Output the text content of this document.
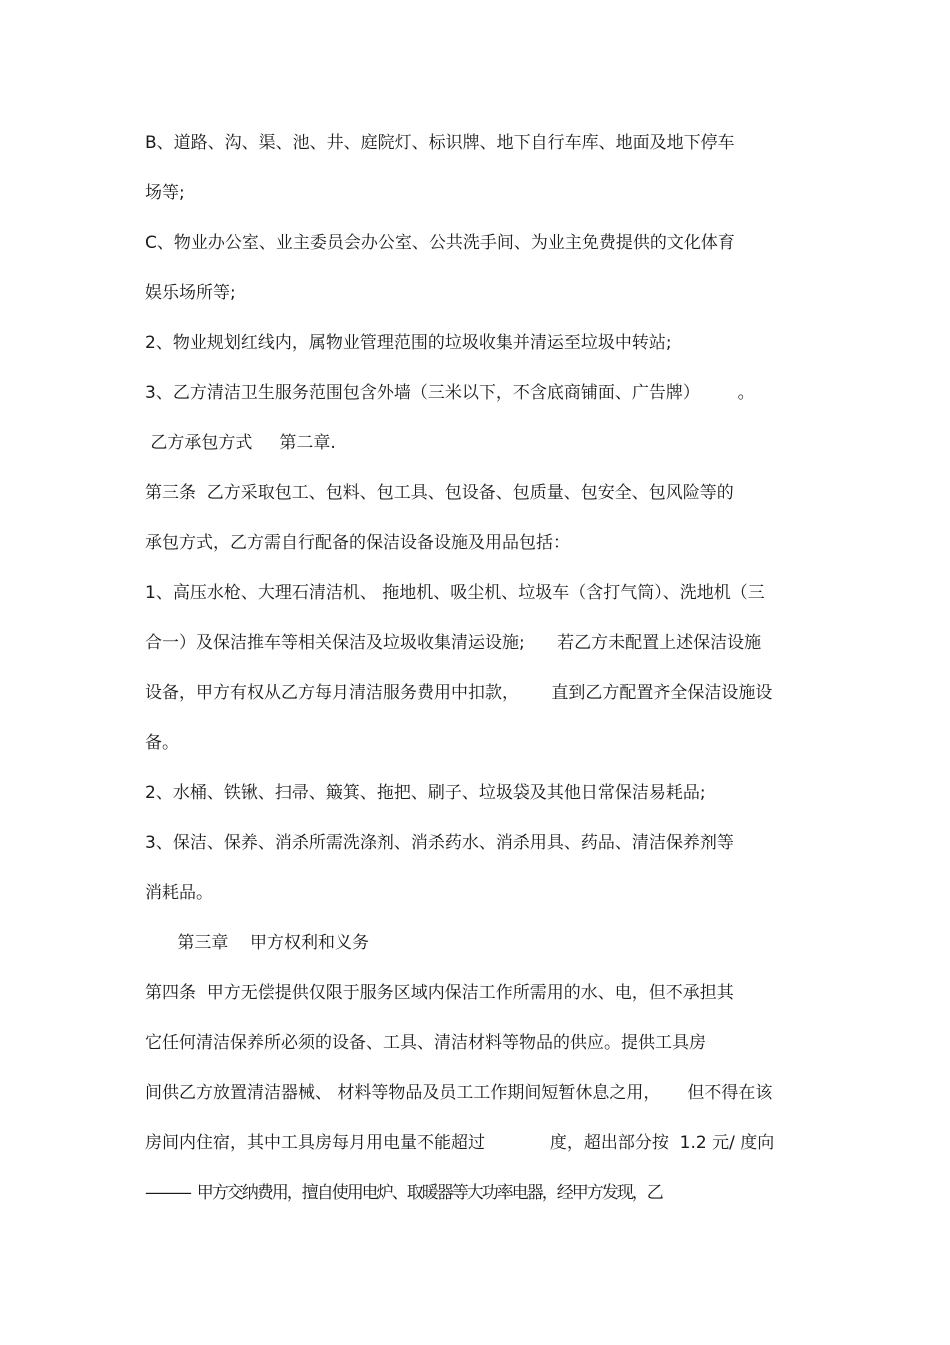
B、道路、沟、渠、池、井、庭院灯、标识牌、地下自行车库、地面及地下停车
场等;
C、物业办公室、业主委员会办公室、公共洗手间、为业主免费提供的文化体育
娱乐场所等;
2、物业规划红线内，属物业管理范围的垃圾收集并清运至垃圾中转站;
3、乙方清洁卫生服务范围包含外墙（三米以下，不含底商铺面、广告牌）       。
乙方承包方式     第二章.
第三条  乙方采取包工、包料、包工具、包设备、包质量、包安全、包风险等的
承包方式，乙方需自行配备的保洁设备设施及用品包括：
1、高压水枪、大理石清洁机、 拖地机、吸尘机、垃圾车（含打气筒）、洗地机（三
合一）及保洁推车等相关保洁及垃圾收集清运设施;      若乙方未配置上述保洁设施
设备，甲方有权从乙方每月清洁服务费用中扣款，      直到乙方配置齐全保洁设施设
备。
2、水桶、铁锹、扫帚、簸箕、拖把、刷子、垃圾袋及其他日常保洁易耗品;
3、保洁、保养、消杀所需洗涤剂、消杀药水、消杀用具、药品、清洁保养剂等
消耗品。
第三章    甲方权利和义务
第四条  甲方无偿提供仅限于服务区域内保洁工作所需用的水、电，但不承担其
它任何清洁保养所必须的设备、工具、清洁材料等物品的供应。提供工具房
间供乙方放置清洁器械、 材料等物品及员工工作期间短暂休息之用，     但不得在该
房间内住宿，其中工具房每月用电量不能超过            度，超出部分按  1.2 元/ 度向
———  甲方交纳费用，擅自使用电炉、取暖器等大功率电器，经甲方发现，乙
